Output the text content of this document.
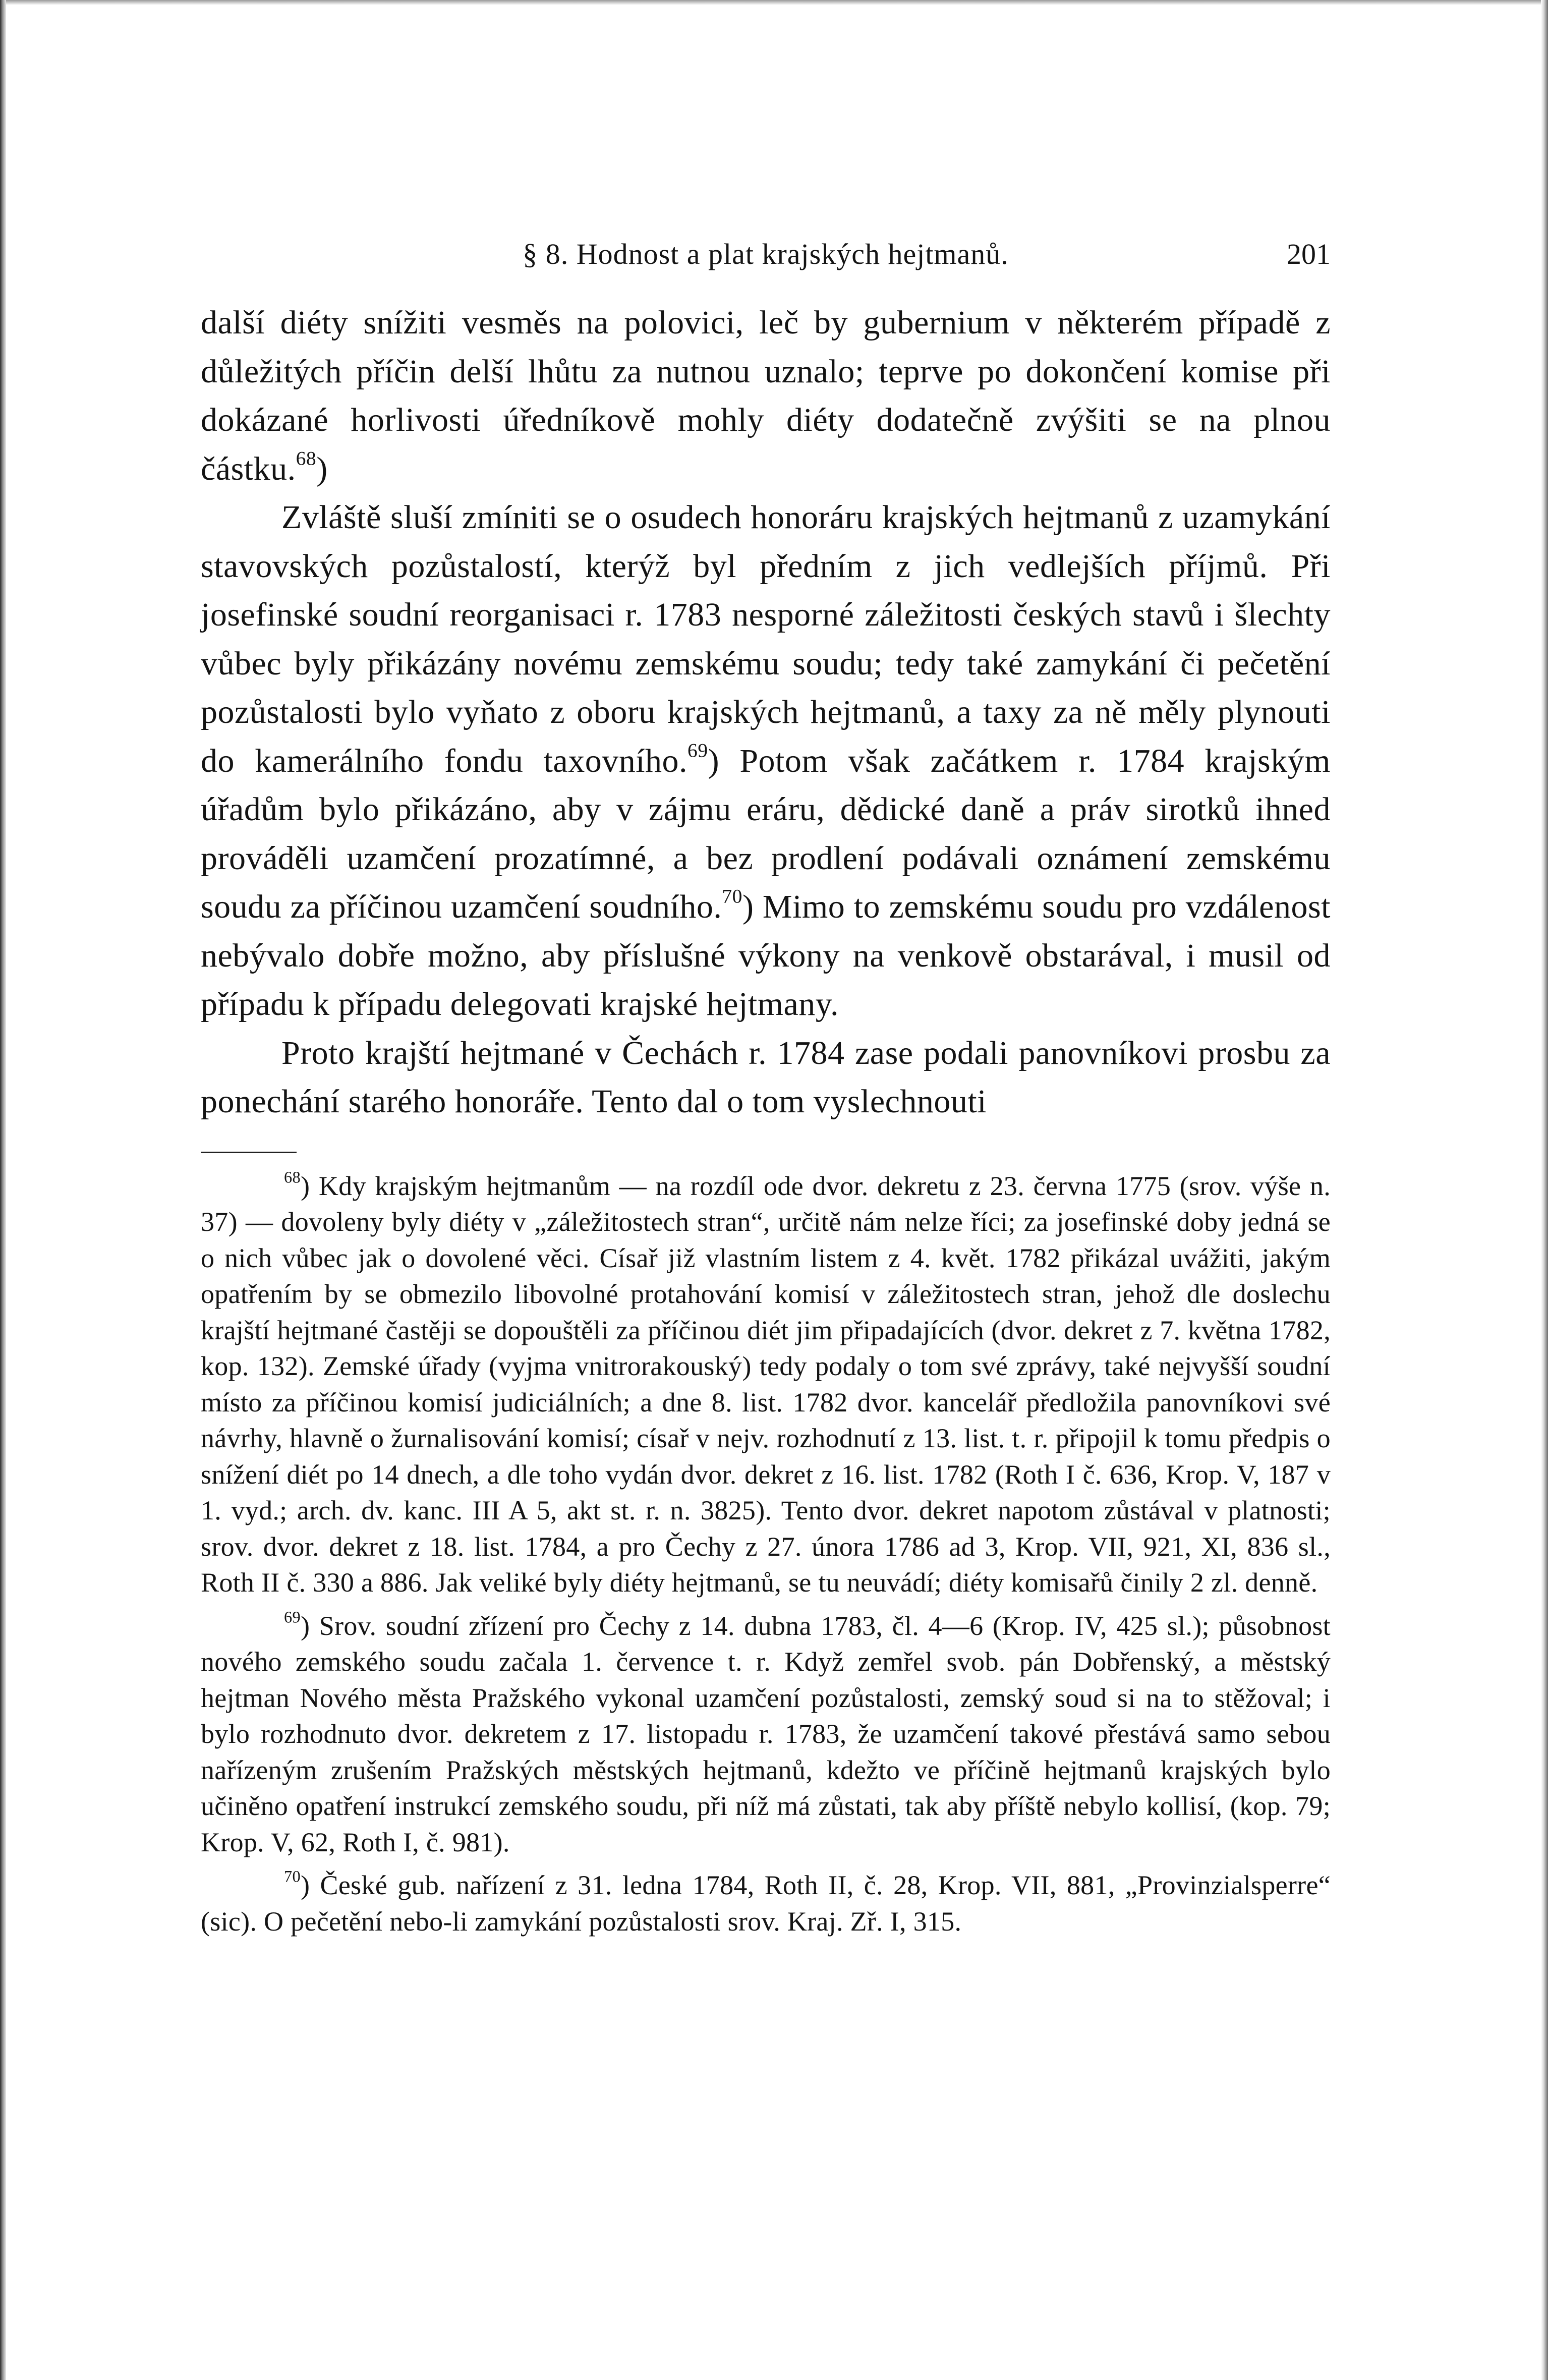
§ 8. Hodnost a plat krajských hejtmanů.	201

další diéty snížiti vesměs na polovici, leč by gubernium v některém případě z důležitých příčin delší lhůtu za nutnou uznalo; teprve po dokončení komise při dokázané horlivosti úředníkově mohly diéty dodatečně zvýšiti se na plnou částku.$^{68}$)

Zvláště sluší zmíniti se o osudech honoráru krajských hejtmanů z uzamykání stavovských pozůstalostí, kterýž byl předním z jich vedlejších příjmů. Při josefinské soudní reorganisaci r. 1783 nesporné záležitosti českých stavů i šlechty vůbec byly přikázány novému zemskému soudu; tedy také zamykání či pečetění pozůstalosti bylo vyňato z oboru krajských hejtmanů, a taxy za ně měly plynouti do kamerálního fondu taxovního.$^{69}$) Potom však začátkem r. 1784 krajským úřadům bylo přikázáno, aby v zájmu eráru, dědické daně a práv sirotků ihned prováděli uzamčení prozatímné, a bez prodlení podávali oznámení zemskému soudu za příčinou uzamčení soudního.$^{70}$) Mimo to zemskému soudu pro vzdálenost nebývalo dobře možno, aby příslušné výkony na venkově obstarával, i musil od případu k případu delegovati krajské hejtmany.

Proto krajští hejtmané v Čechách r. 1784 zase podali panovníkovi prosbu za ponechání starého honoráře. Tento dal o tom vyslechnouti

$^{68}$) Kdy krajským hejtmanům — na rozdíl ode dvor. dekretu z 23. června 1775 (srov. výše n. 37) — dovoleny byly diéty v „záležitostech stran“, určitě nám nelze říci; za josefinské doby jedná se o nich vůbec jak o dovolené věci. Císař již vlastním listem z 4. květ. 1782 přikázal uvážiti, jakým opatřením by se obmezilo libovolné protahování komisí v záležitostech stran, jehož dle doslechu krajští hejtmané častěji se dopouštěli za příčinou diét jim připadajících (dvor. dekret z 7. května 1782, kop. 132). Zemské úřady (vyjma vnitrorakouský) tedy podaly o tom své zprávy, také nejvyšší soudní místo za příčinou komisí judiciálních; a dne 8. list. 1782 dvor. kancelář předložila panovníkovi své návrhy, hlavně o žurnalisování komisí; císař v nejv. rozhodnutí z 13. list. t. r. připojil k tomu předpis o snížení diét po 14 dnech, a dle toho vydán dvor. dekret z 16. list. 1782 (Roth I č. 636, Krop. V, 187 v 1. vyd.; arch. dv. kanc. III A 5, akt st. r. n. 3825). Tento dvor. dekret napotom zůstával v platnosti; srov. dvor. dekret z 18. list. 1784, a pro Čechy z 27. února 1786 ad 3, Krop. VII, 921, XI, 836 sl., Roth II č. 330 a 886. Jak veliké byly diéty hejtmanů, se tu neuvádí; diéty komisařů činily 2 zl. denně.

$^{69}$) Srov. soudní zřízení pro Čechy z 14. dubna 1783, čl. 4—6 (Krop. IV, 425 sl.); působnost nového zemského soudu začala 1. července t. r. Když zemřel svob. pán Dobřenský, a městský hejtman Nového města Pražského vykonal uzamčení pozůstalosti, zemský soud si na to stěžoval; i bylo rozhodnuto dvor. dekretem z 17. listopadu r. 1783, že uzamčení takové přestává samo sebou nařízeným zrušením Pražských městských hejtmanů, kdežto ve příčině hejtmanů krajských bylo učiněno opatření instrukcí zemského soudu, při níž má zůstati, tak aby příště nebylo kollisí, (kop. 79; Krop. V, 62, Roth I, č. 981).

$^{70}$) České gub. nařízení z 31. ledna 1784, Roth II, č. 28, Krop. VII, 881, „Provinzialsperre“ (sic). O pečetění nebo-li zamykání pozůstalosti srov. Kraj. Zř. I, 315.
